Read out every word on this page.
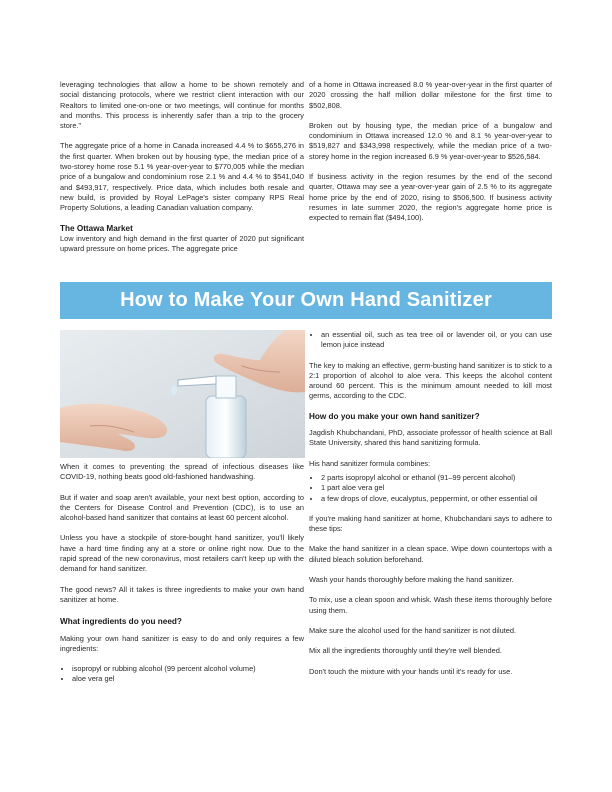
leveraging technologies that allow a home to be shown remotely and social distancing protocols, where we restrict client interaction with our Realtors to limited one-on-one or two meetings, will continue for months and months. This process is inherently safer than a trip to the grocery store."

The aggregate price of a home in Canada increased 4.4 % to $655,276 in the first quarter. When broken out by housing type, the median price of a two-storey home rose 5.1 % year-over-year to $770,005 while the median price of a bungalow and condominium rose 2.1 % and 4.4 % to $541,040 and $493,917, respectively. Price data, which includes both resale and new build, is provided by Royal LePage's sister company RPS Real Property Solutions, a leading Canadian valuation company.

The Ottawa Market

Low inventory and high demand in the first quarter of 2020 put significant upward pressure on home prices. The aggregate price

of a home in Ottawa increased 8.0 % year-over-year in the first quarter of 2020 crossing the half million dollar milestone for the first time to $502,808.

Broken out by housing type, the median price of a bungalow and condominium in Ottawa increased 12.0 % and 8.1 % year-over-year to $519,827 and $343,998 respectively, while the median price of a two-storey home in the region increased 6.9 % year-over-year to $526,584.

If business activity in the region resumes by the end of the second quarter, Ottawa may see a year-over-year gain of 2.5 % to its aggregate home price by the end of 2020, rising to $506,500. If business activity resumes in late summer 2020, the region's aggregate home price is expected to remain flat ($494,100).

How to Make Your Own Hand Sanitizer

When it comes to preventing the spread of infectious diseases like COVID-19, nothing beats good old-fashioned handwashing.

But if water and soap aren't available, your next best option, according to the Centers for Disease Control and Prevention (CDC), is to use an alcohol-based hand sanitizer that contains at least 60 percent alcohol.

Unless you have a stockpile of store-bought hand sanitizer, you'll likely have a hard time finding any at a store or online right now. Due to the rapid spread of the new coronavirus, most retailers can't keep up with the demand for hand sanitizer.

The good news? All it takes is three ingredients to make your own hand sanitizer at home.

What ingredients do you need?

Making your own hand sanitizer is easy to do and only requires a few ingredients:

• isopropyl or rubbing alcohol (99 percent alcohol volume)
• aloe vera gel
• an essential oil, such as tea tree oil or lavender oil, or you can use lemon juice instead

The key to making an effective, germ-busting hand sanitizer is to stick to a 2:1 proportion of alcohol to aloe vera. This keeps the alcohol content around 60 percent. This is the minimum amount needed to kill most germs, according to the CDC.

How do you make your own hand sanitizer?

Jagdish Khubchandani, PhD, associate professor of health science at Ball State University, shared this hand sanitizing formula.

His hand sanitizer formula combines:

• 2 parts isopropyl alcohol or ethanol (91–99 percent alcohol)
• 1 part aloe vera gel
• a few drops of clove, eucalyptus, peppermint, or other essential oil

If you're making hand sanitizer at home, Khubchandani says to adhere to these tips:

Make the hand sanitizer in a clean space. Wipe down countertops with a diluted bleach solution beforehand.

Wash your hands thoroughly before making the hand sanitizer.

To mix, use a clean spoon and whisk. Wash these items thoroughly before using them.

Make sure the alcohol used for the hand sanitizer is not diluted.

Mix all the ingredients thoroughly until they're well blended.

Don't touch the mixture with your hands until it's ready for use.
